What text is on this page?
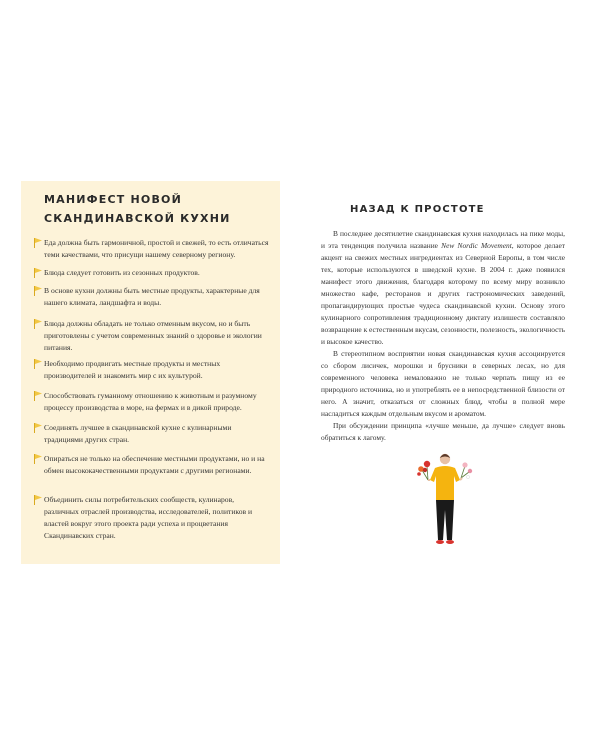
МАНИФЕСТ НОВОЙ
СКАНДИНАВСКОЙ КУХНИ
Еда должна быть гармоничной, простой и свежей, то есть отличаться теми качествами, что присущи нашему северному региону.
Блюда следует готовить из сезонных продуктов.
В основе кухни должны быть местные продукты, характерные для нашего климата, ландшафта и воды.
Блюда должны обладать не только отменным вкусом, но и быть приготовлены с учетом современных знаний о здоровье и экологии питания.
Необходимо продвигать местные продукты и местных производителей и знакомить мир с их культурой.
Способствовать гуманному отношению к животным и разумному процессу производства в море, на фермах и в дикой природе.
Соединять лучшее в скандинавской кухне с кулинарными традициями других стран.
Опираться не только на обеспечение местными продуктами, но и на обмен высококачественными продуктами с другими регионами.
Объединить силы потребительских сообществ, кулинаров, различных отраслей производства, исследователей, политиков и властей вокруг этого проекта ради успеха и процветания Скандинавских стран.
НАЗАД К ПРОСТОТЕ

В последнее десятилетие скандинавская кухня находилась на пике моды, и эта тенденция получила название New Nordic Movement, которое делает акцент на свежих местных ингредиентах из Северной Европы, в том числе тех, которые используются в шведской кухне. В 2004 г. даже появился манифест этого движения, благодаря которому по всему миру возникло множество кафе, ресторанов и других гастрономических заведений, пропагандирующих простые чудеса скандинавской кухни. Основу этого кулинарного сопротивления традиционному диктату излишеств составляло возвращение к естественным вкусам, сезонности, полезность, экологичность и высокое качество.

В стереотипном восприятии новая скандинавская кухня ассоциируется со сбором лисичек, морошки и брусники в северных лесах, но для современного человека немаловажно не только черпать пищу из ее природного источника, но и употреблять ее в непосредственной близости от него. А значит, отказаться от сложных блюд, чтобы в полной мере насладиться каждым отдельным вкусом и ароматом.

При обсуждении принципа «лучше меньше, да лучше» следует вновь обратиться к лагому.
